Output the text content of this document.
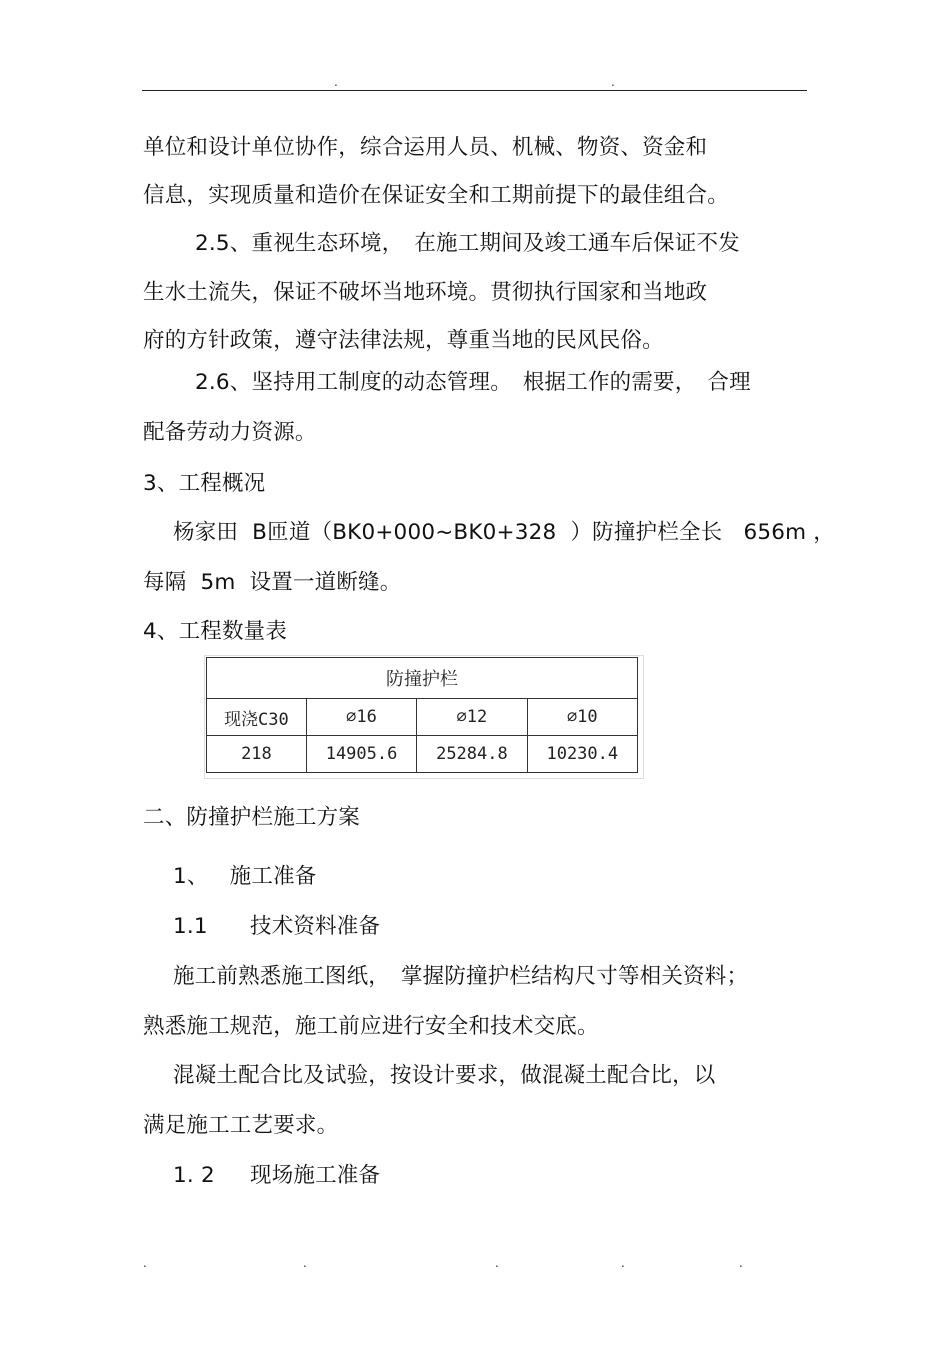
.	.
单位和设计单位协作，综合运用人员、机械、物资、资金和
信息，实现质量和造价在保证安全和工期前提下的最佳组合。
2.5、重视生态环境，　在施工期间及竣工通车后保证不发
生水土流失，保证不破坏当地环境。贯彻执行国家和当地政
府的方针政策，遵守法律法规，尊重当地的民风民俗。
2.6、坚持用工制度的动态管理。　根据工作的需要，　合理
配备劳动力资源。
3、工程概况
杨家田  B匝道（BK0+000~BK0+328  ）防撞护栏全长   656m ，
每隔  5m  设置一道断缝。
4、工程数量表
防撞护栏			
现浇C30	⌀16	⌀12	⌀10
218	14905.6	25284.8	10230.4
二、防撞护栏施工方案
1、   施工准备
1.1      技术资料准备
施工前熟悉施工图纸，　掌握防撞护栏结构尺寸等相关资料；
熟悉施工规范，施工前应进行安全和技术交底。
混凝土配合比及试验，按设计要求，做混凝土配合比，以
满足施工工艺要求。
1. 2     现场施工准备
.	.	.	.	.
